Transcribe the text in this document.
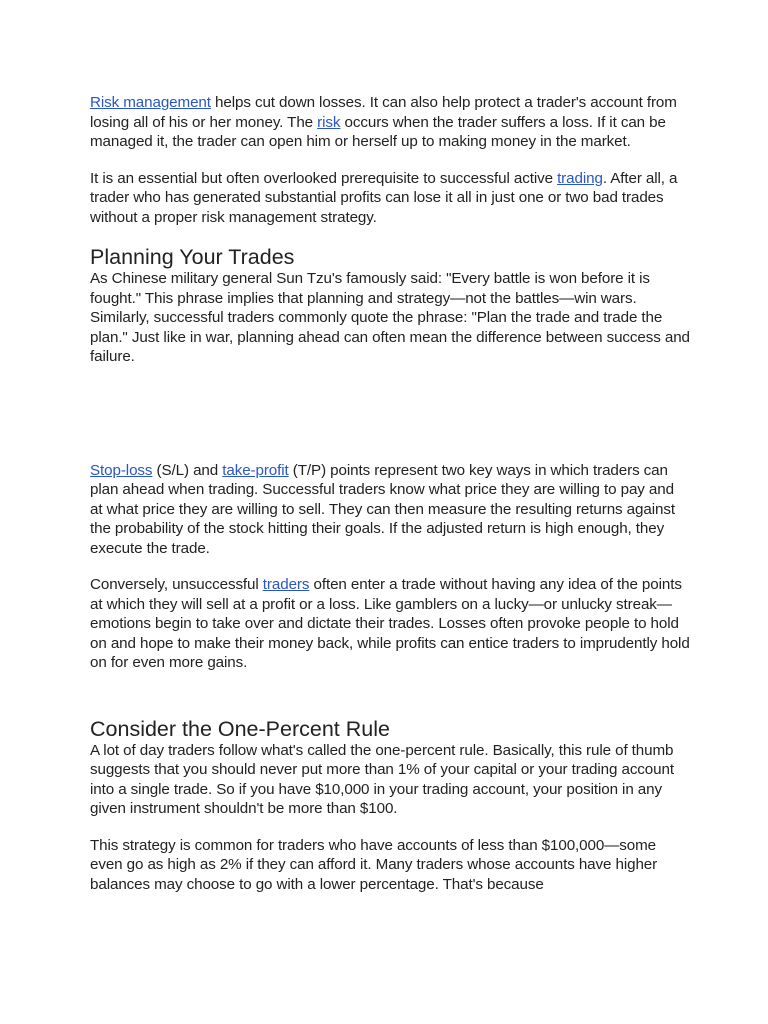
Risk management helps cut down losses. It can also help protect a trader's account from losing all of his or her money. The risk occurs when the trader suffers a loss. If it can be managed it, the trader can open him or herself up to making money in the market.

It is an essential but often overlooked prerequisite to successful active trading. After all, a trader who has generated substantial profits can lose it all in just one or two bad trades without a proper risk management strategy.

Planning Your Trades

As Chinese military general Sun Tzu's famously said: "Every battle is won before it is fought." This phrase implies that planning and strategy—not the battles—win wars. Similarly, successful traders commonly quote the phrase: "Plan the trade and trade the plan." Just like in war, planning ahead can often mean the difference between success and failure.

Stop-loss (S/L) and take-profit (T/P) points represent two key ways in which traders can plan ahead when trading. Successful traders know what price they are willing to pay and at what price they are willing to sell. They can then measure the resulting returns against the probability of the stock hitting their goals. If the adjusted return is high enough, they execute the trade.

Conversely, unsuccessful traders often enter a trade without having any idea of the points at which they will sell at a profit or a loss. Like gamblers on a lucky—or unlucky streak—emotions begin to take over and dictate their trades. Losses often provoke people to hold on and hope to make their money back, while profits can entice traders to imprudently hold on for even more gains.

Consider the One-Percent Rule

A lot of day traders follow what's called the one-percent rule. Basically, this rule of thumb suggests that you should never put more than 1% of your capital or your trading account into a single trade. So if you have $10,000 in your trading account, your position in any given instrument shouldn't be more than $100.

This strategy is common for traders who have accounts of less than $100,000—some even go as high as 2% if they can afford it. Many traders whose accounts have higher balances may choose to go with a lower percentage. That's because
